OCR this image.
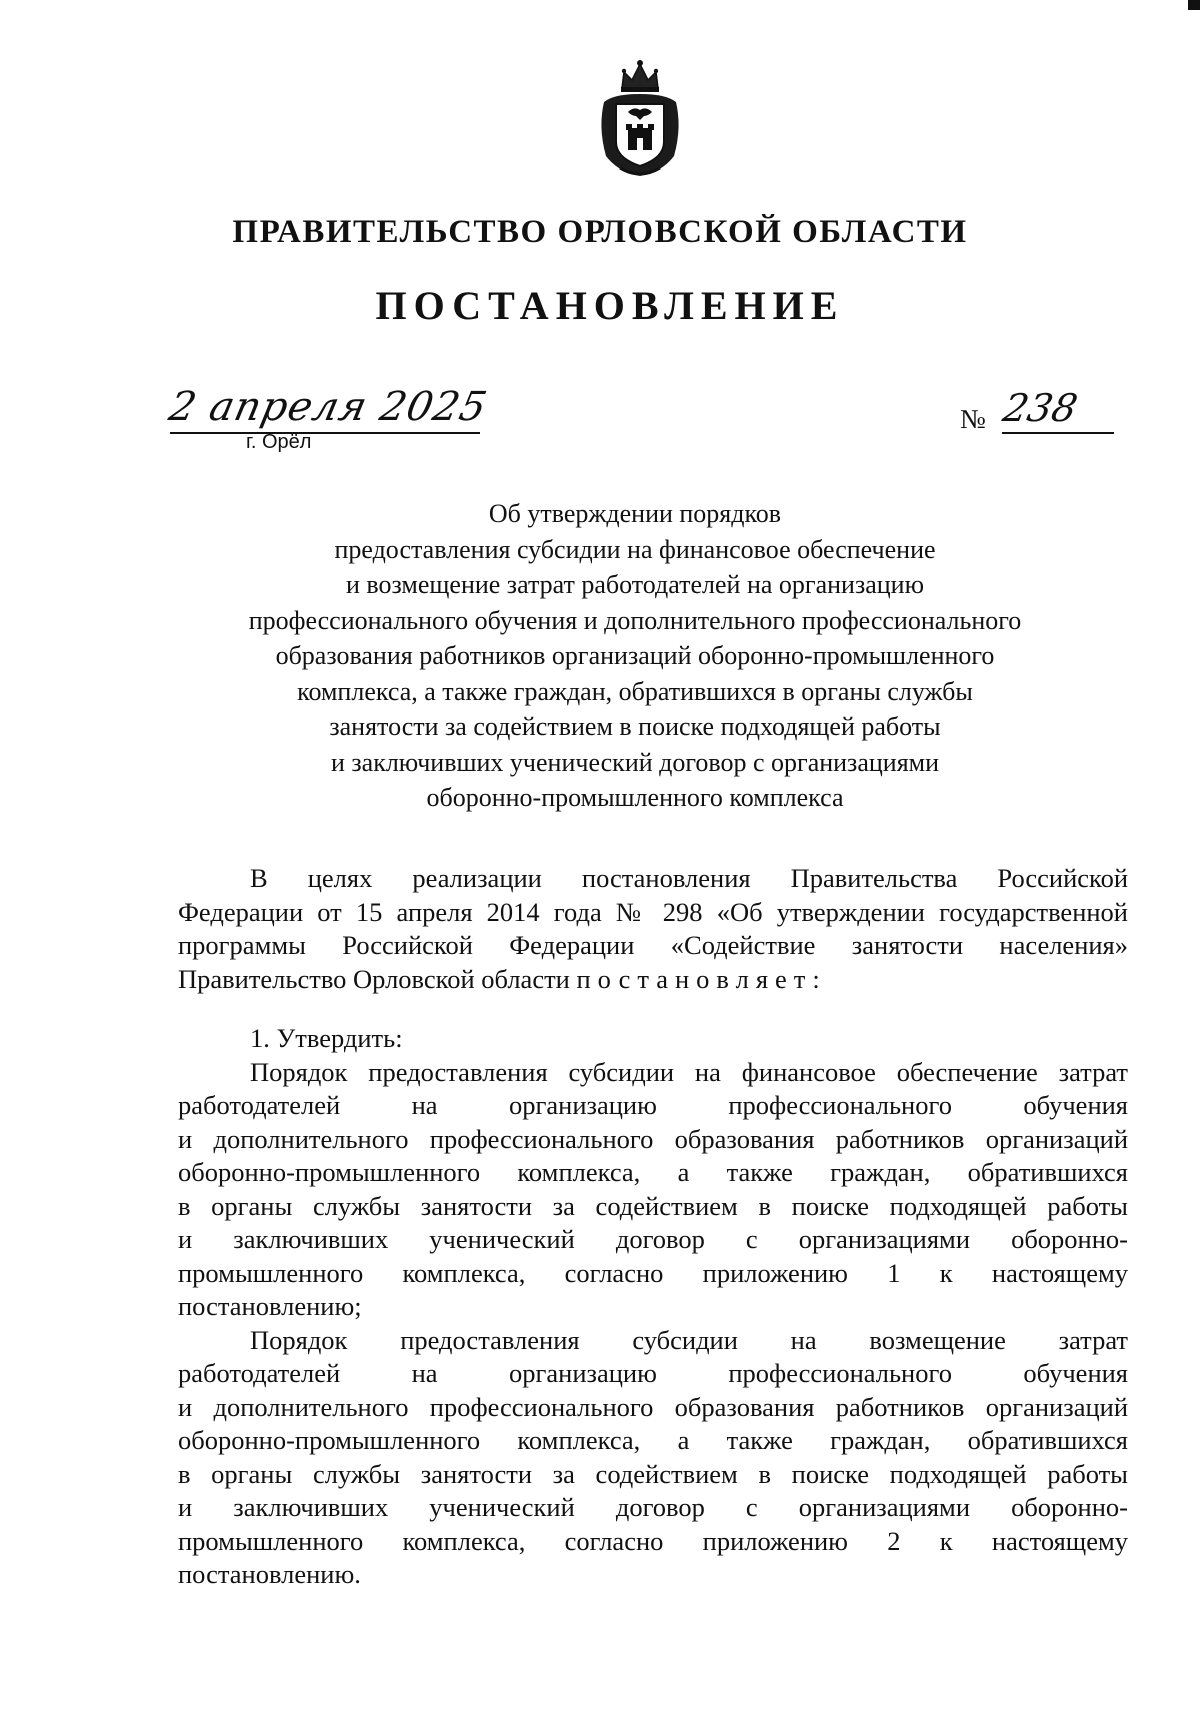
ПРАВИТЕЛЬСТВО ОРЛОВСКОЙ ОБЛАСТИ
ПОСТАНОВЛЕНИЕ
2 апреля 2025
г. Орёл
№ 238
Об утверждении порядков
предоставления субсидии на финансовое обеспечение
и возмещение затрат работодателей на организацию
профессионального обучения и дополнительного профессионального
образования работников организаций оборонно-промышленного
комплекса, а также граждан, обратившихся в органы службы
занятости за содействием в поиске подходящей работы
и заключивших ученический договор с организациями
оборонно-промышленного комплекса
В целях реализации постановления Правительства Российской
Федерации от 15 апреля 2014 года № 298 «Об утверждении государственной
программы Российской Федерации «Содействие занятости населения»
Правительство Орловской области постановляет:
1. Утвердить:
Порядок предоставления субсидии на финансовое обеспечение затрат
работодателей на организацию профессионального обучения
и дополнительного профессионального образования работников организаций
оборонно-промышленного комплекса, а также граждан, обратившихся
в органы службы занятости за содействием в поиске подходящей работы
и заключивших ученический договор с организациями оборонно-
промышленного комплекса, согласно приложению 1 к настоящему
постановлению;
Порядок предоставления субсидии на возмещение затрат
работодателей на организацию профессионального обучения
и дополнительного профессионального образования работников организаций
оборонно-промышленного комплекса, а также граждан, обратившихся
в органы службы занятости за содействием в поиске подходящей работы
и заключивших ученический договор с организациями оборонно-
промышленного комплекса, согласно приложению 2 к настоящему
постановлению.
